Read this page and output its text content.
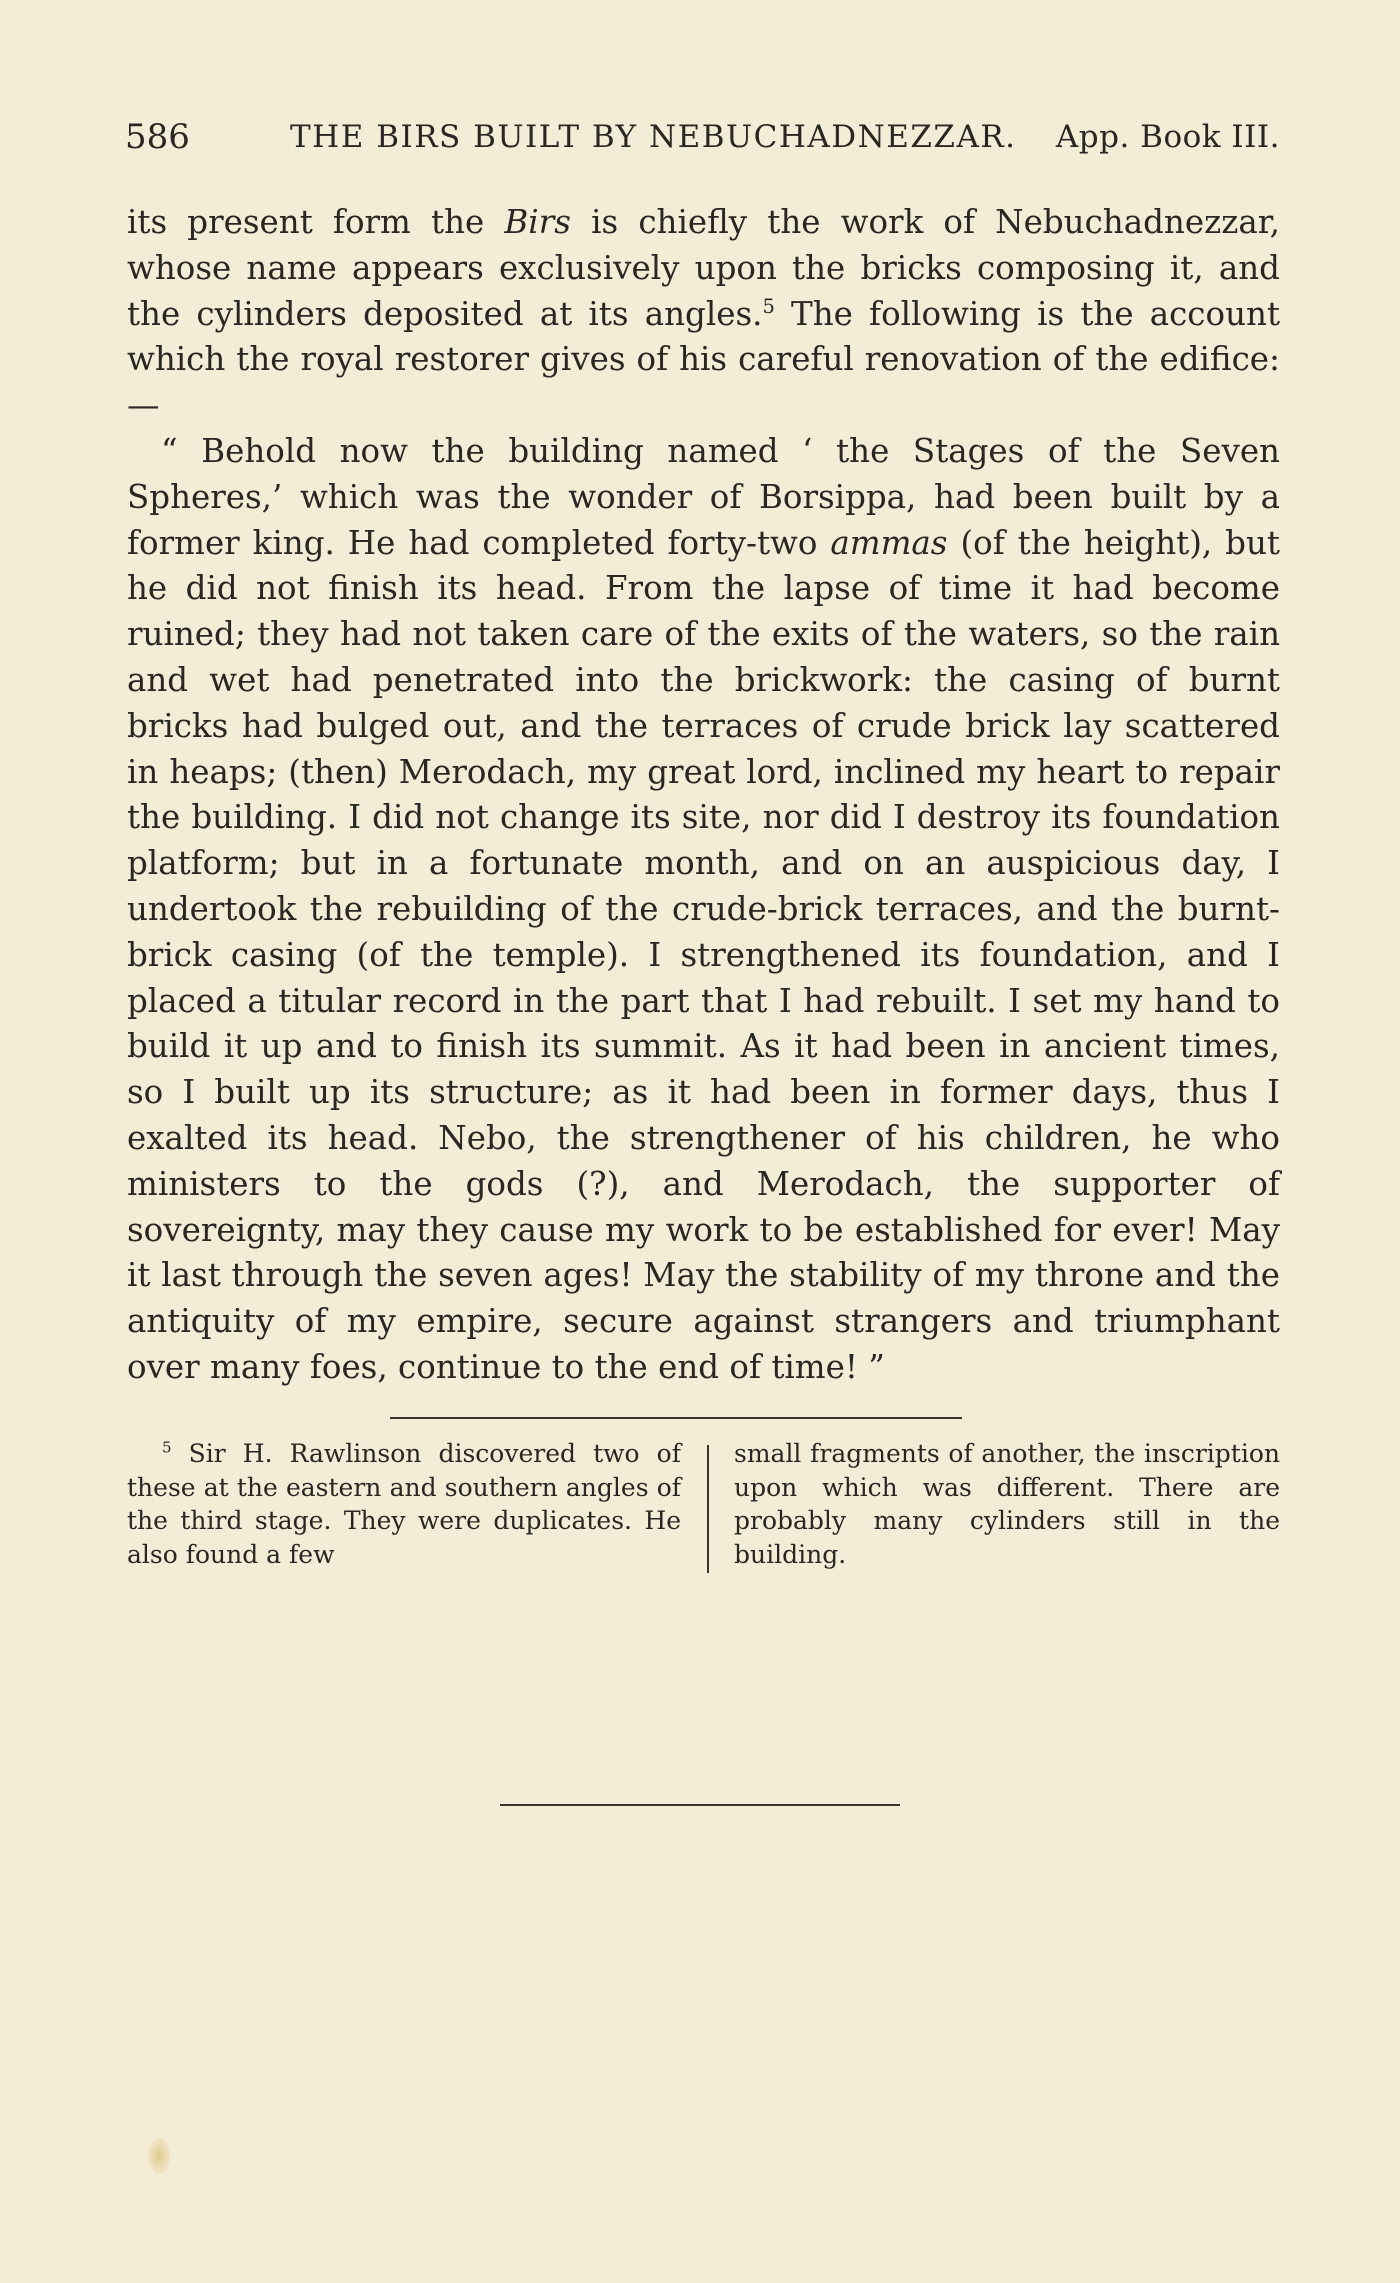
586	THE BIRS BUILT BY NEBUCHADNEZZAR. App. Book III.

its present form the Birs is chiefly the work of Nebuchadnezzar, whose name appears exclusively upon the bricks composing it, and the cylinders deposited at its angles.$^5$ The following is the account which the royal restorer gives of his careful renovation of the edifice:—

“ Behold now the building named ‘ the Stages of the Seven Spheres,’ which was the wonder of Borsippa, had been built by a former king. He had completed forty-two ammas (of the height), but he did not finish its head. From the lapse of time it had become ruined; they had not taken care of the exits of the waters, so the rain and wet had penetrated into the brickwork: the casing of burnt bricks had bulged out, and the terraces of crude brick lay scattered in heaps; (then) Merodach, my great lord, inclined my heart to repair the building. I did not change its site, nor did I destroy its foundation platform; but in a fortunate month, and on an auspicious day, I undertook the rebuilding of the crude-brick terraces, and the burnt-brick casing (of the temple). I strengthened its foundation, and I placed a titular record in the part that I had rebuilt. I set my hand to build it up and to finish its summit. As it had been in ancient times, so I built up its structure; as it had been in former days, thus I exalted its head. Nebo, the strengthener of his children, he who ministers to the gods (?), and Merodach, the supporter of sovereignty, may they cause my work to be established for ever! May it last through the seven ages! May the stability of my throne and the antiquity of my empire, secure against strangers and triumphant over many foes, continue to the end of time! ”

$^5$ Sir H. Rawlinson discovered two of these at the eastern and southern angles of the third stage. They were duplicates. He also found a few
small fragments of another, the inscription upon which was different. There are probably many cylinders still in the building.
